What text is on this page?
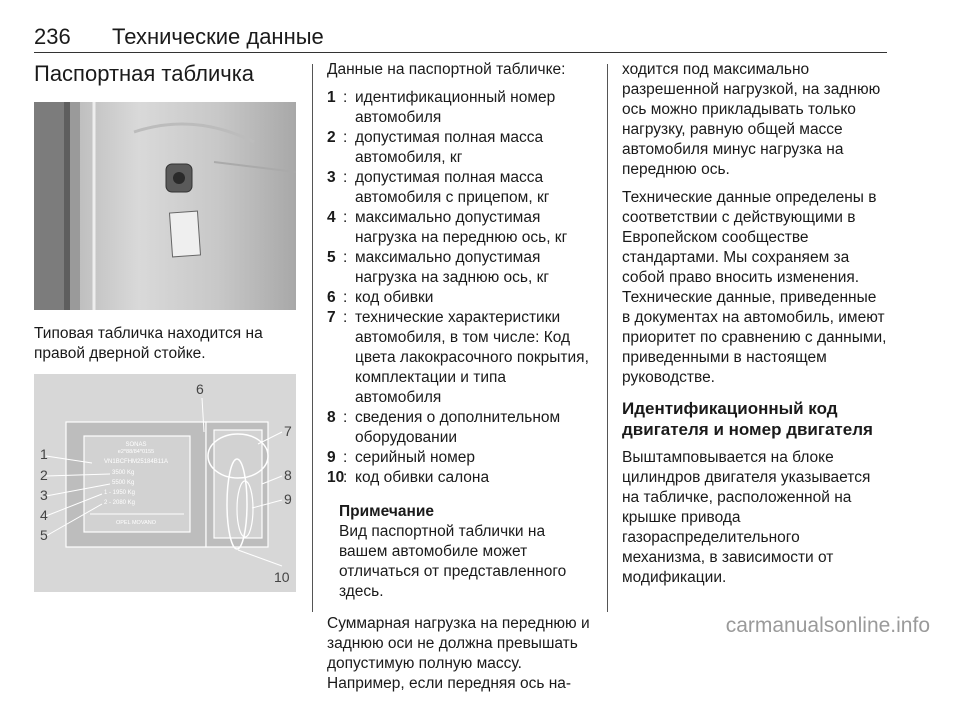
236 Технические данные
Паспортная табличка

Типовая табличка находится на правой дверной стойке.

SONAS
e2*88/84*0155
VN1BCFHM25184B11A
3500 Kg
5500 Kg
1 - 1950 Kg
2 - 2080 Kg
OPEL MOVANO
1
2
3
4
5
6
7
8
9
10

Данные на паспортной табличке:

1 : идентификационный номер автомобиля
2 : допустимая полная масса автомобиля, кг
3 : допустимая полная масса автомобиля с прицепом, кг
4 : максимально допустимая нагрузка на переднюю ось, кг
5 : максимально допустимая нагрузка на заднюю ось, кг
6 : код обивки
7 : технические характеристики автомобиля, в том числе: Код цвета лакокрасочного покрытия, комплектации и типа автомобиля
8 : сведения о дополнительном оборудовании
9 : серийный номер
10
: код обивки салона
Примечание

Вид паспортной таблички на вашем автомобиле может отличаться от представленного здесь.

Суммарная нагрузка на переднюю и заднюю оси не должна превышать допустимую полную массу. Например, если передняя ось на-

ходится под максимально разрешенной нагрузкой, на заднюю ось можно прикладывать только нагрузку, равную общей массе автомобиля минус нагрузка на переднюю ось.

Технические данные определены в соответствии с действующими в Европейском сообществе стандартами. Мы сохраняем за собой право вносить изменения. Технические данные, приведенные в документах на автомобиль, имеют приоритет по сравнению с данными, приведенными в настоящем руководстве.

Идентификационный код двигателя и номер двигателя

Выштамповывается на блоке цилиндров двигателя указывается на табличке, расположенной на крышке привода газораспределительного механизма, в зависимости от модификации.

carmanualsonline.info
